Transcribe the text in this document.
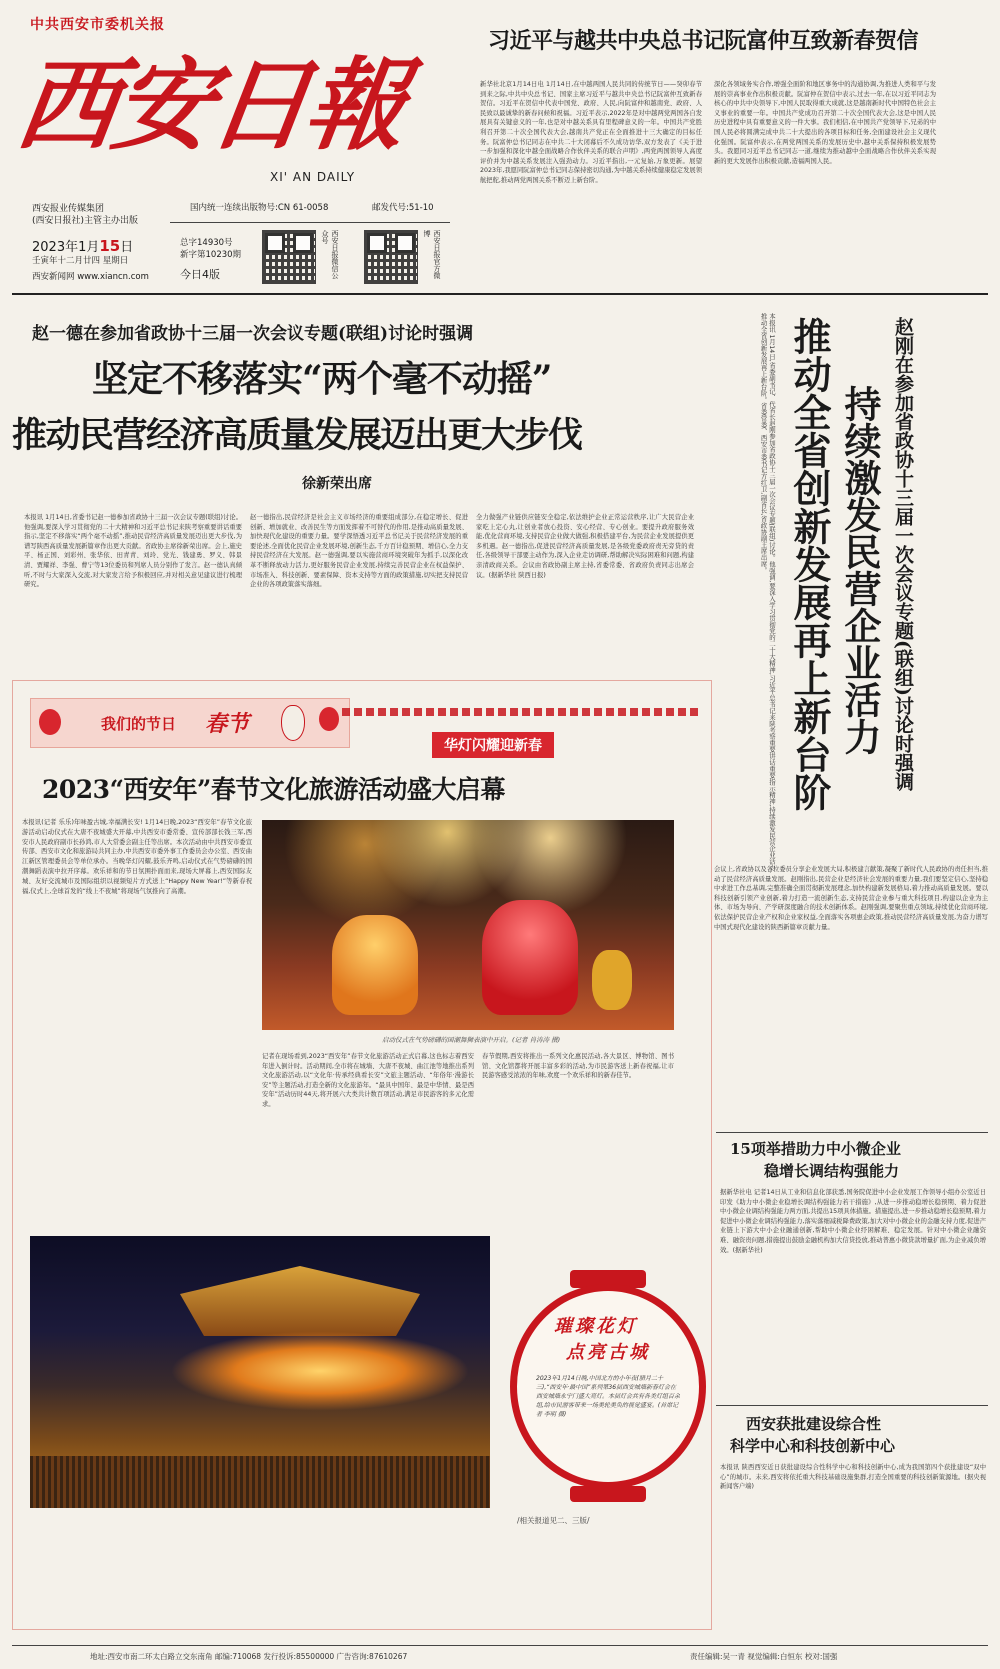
中共西安市委机关报
西安日報
XI' AN DAILY
西安报业传媒集团
(西安日报社)主管主办出版
2023年1月15日
壬寅年十二月廿四 星期日
西安新闻网 www.xiancn.com
国内统一连续出版物号:CN 61-0058	邮发代号:51-10
总字14930号
新字第10230期
今日4版	西安日报微信公众号	西安日报官方微博
习近平与越共中央总书记阮富仲互致新春贺信
新华社北京1月14日电 1月14日,在中越两国人民共同的传统节日——癸卯春节到来之际,中共中央总书记、国家主席习近平与越共中央总书记阮富仲互致新春贺信。习近平在贺信中代表中国党、政府、人民,向阮富仲和越南党、政府、人民致以最诚挚的新春问候和祝福。习近平表示,2022年是对中越两党两国各自发展具有关键意义的一年,也是对中越关系具有里程碑意义的一年。中国共产党胜利召开第二十次全国代表大会,越南共产党正在全面推进十三大确定的目标任务。阮富仲总书记同志在中共二十大闭幕后不久成功访华,双方发表了《关于进一步加强和深化中越全面战略合作伙伴关系的联合声明》,两党两国领导人高度评价并为中越关系发展注入强劲动力。习近平指出,一元复始,万象更新。展望2023年,我愿同阮富仲总书记同志保持密切沟通,为中越关系持续健康稳定发展领航把舵,推动两党两国关系不断迈上新台阶。
深化各领域务实合作,增强全面阶和地区事务中的沟通协调,为推进人类和平与发展的崇高事业作出积极贡献。阮富仲在贺信中表示,过去一年,在以习近平同志为核心的中共中央领导下,中国人民取得重大成就,这是越南新时代中国特色社会主义事业的重要一年。中国共产党成功召开第二十次全国代表大会,这是中国人民历史进程中具有重要意义的一件大事。我们相信,在中国共产党领导下,兄弟的中国人民必将圆满完成中共二十大提出的各项目标和任务,全面建设社会主义现代化强国。阮富仲表示,在两党两国关系的发展历史中,越中关系保持积极发展势头。我愿同习近平总书记同志一道,继续为推动越中全面战略合作伙伴关系实现新的更大发展作出积极贡献,造福两国人民。
赵一德在参加省政协十三届一次会议专题(联组)讨论时强调
坚定不移落实“两个毫不动摇”
推动民营经济高质量发展迈出更大步伐
徐新荣出席
本报讯 1月14日,省委书记赵一德参加省政协十三届一次会议专题(联组)讨论。他强调,要深入学习贯彻党的二十大精神和习近平总书记来陕考察重要讲话重要指示,坚定不移落实“两个毫不动摇”,推动民营经济高质量发展迈出更大步伐,为谱写陕西高质量发展新篇章作出更大贡献。省政协主席徐新荣出席。会上,施史平、杨正国、刘彩州、张华依、田青青、刘玲、党光、钱建勇、罗义、韩景清、贾耀祥、李强、曹宁等13位委员和列席人员分别作了发言。赵一德认真倾听,不时与大家深入交流,对大家发言给予积极回应,并对相关意见建议进行梳理研究。
赵一德指出,民营经济是社会主义市场经济的重要组成部分,在稳定增长、促进创新、增加就业、改善民生等方面发挥着不可替代的作用,是推动高质量发展、加快现代化建设的重要力量。要学深悟透习近平总书记关于民营经济发展的重要论述,全面优化民营企业发展环境,创新生态,千方百计稳预期、增信心,全力支持民营经济在大发展。赵一德强调,要以实施营商环境突破年为抓手,以深化改革不断释放动力活力,更好服务民营企业发展,持续完善民营企业在权益保护、市场准入、科技创新、要素保障、资本支持等方面的政策措施,切实把支持民营企业的各项政策落实落细。
全力做强产业链供应链安全稳定,依法维护企业正常运营秩序,让广大民营企业家吃上定心丸,让创业者放心投资、安心经营、专心创业。要提升政府服务效能,优化营商环境,支持民营企业做大做强,积极搭建平台,为民营企业发展提供更多机遇。赵一德指出,促进民营经济高质量发展,是各级党委政府责无旁贷的责任,各级领导干部要主动作为,深入企业走访调研,帮助解决实际困难和问题,构建亲清政商关系。会议由省政协副主席主持,省委常委、省政府负责同志出席会议。(据新华社 陕西日报)	本报讯 1月14日,省委副书记、代省长赵刚参加省政协十三届一次会议专题(联组)讨论。他强调,要深入学习贯彻党的二十大精神,习近平总书记来陕考察重要讲话重要指示精神,持续激发民营企业活力,推动全省创新发展再上新台阶。省委常委、西安市委书记方红卫,副省长,省政协副主席出席。 推动全省创新发展再上新台阶 持续激发民营企业活力 赵刚在参加省政协十三届一次会议专题(联组)讨论时强调
会议上,省政协以及各位委员分享企业发展大局,积极建言献策,凝聚了新时代人民政协的责任担当,推动了民营经济高质量发展。赵刚指出,民营企业是经济社会发展的重要力量,我们要坚定信心,坚持稳中求进工作总基调,完整准确全面贯彻新发展理念,加快构建新发展格局,着力推动高质量发展。要以科技创新引领产业创新,着力打造一流创新生态,支持民营企业参与重大科技项目,构建以企业为主体、市场为导向、产学研深度融合的技术创新体系。赵刚强调,要聚焦重点领域,持续优化营商环境,依法保护民营企业产权和企业家权益,全面落实各项惠企政策,推动民营经济高质量发展,为奋力谱写中国式现代化建设的陕西新篇章贡献力量。
我们的节日 春节
华灯闪耀迎新春
2023“西安年”春节文化旅游活动盛大启幕
本报讯(记者 乐乐)年味盈古城,幸福满长安! 1月14日晚,2023“西安年”春节文化旅游活动启动仪式在大唐不夜城盛大开幕,中共西安市委常委、宣传部部长钱三军,西安市人民政府副市长孙鸿,市人大常委会副主任等出席。本次活动由中共西安市委宣传部、西安市文化和旅游局共同主办,中共西安市委外事工作委员会办公室、西安曲江新区管理委员会等单位承办。当晚华灯闪耀,鼓乐齐鸣,启动仪式在气势磅礴的国潮舞蹈表演中拉开序幕。欢乐祥和的节日氛围扑面而来,现场大屏幕上,西安国际友城、友好交流城市及国际组织以视频短片方式送上“Happy New Year!”等新春祝福,仪式上,全球首发的“线上不夜城”将现场气氛推向了高潮。
启动仪式在气势磅礴的国潮舞狮表演中开启。(记者 肖涛涛 摄)
记者在现场看到,2023“西安年”春节文化旅游活动正式启幕,这也标志着西安年进入倒计时。活动期间,全市将在城墙、大唐不夜城、曲江池等地推出系列文化旅游活动,以“文化年·传承经典看长安”文旅主题活动、“年俗年·漫游长安”等主题活动,打造全新的文化旅游年。“最具中国年、最是中华情、最是西安年”活动历时44天,将开展六大类共计数百项活动,满足市民游客的多元化需求。
春节假期,西安将推出一系列文化惠民活动,各大景区、博物馆、图书馆、文化馆都将开展丰富多彩的活动,为市民游客送上新春祝福,让市民游客感受浓浓的年味,欢度一个欢乐祥和的新春佳节。
璀璨花灯
点亮古城
2023年1月14日晚,中国北方的小年夜(腊月二十三),“西安年·最中国”系列第36届西安城墙新春灯会在西安城墙永宁门盛大亮灯。本届灯会共有各类灯组百余组,给市民游客带来一场美轮美奂的视觉盛宴。(首席记者 李明 摄)
/相关报道见二、三版/
15项举措助力中小微企业
稳增长调结构强能力
据新华社电 记者14日从工业和信息化部获悉,国务院促进中小企业发展工作领导小组办公室近日印发《助力中小微企业稳增长调结构强能力若干措施》,从进一步推动稳增长稳预期、着力促进中小微企业调结构强能力两方面,共提出15项具体措施。措施提出,进一步推动稳增长稳预期,着力促进中小微企业调结构强能力,落实落细减税降费政策,加大对中小微企业的金融支持力度,促进产业链上下游大中小企业融通创新,帮助中小微企业纾困解难、稳定发展。针对中小微企业融资难、融资贵问题,措施提出鼓励金融机构加大信贷投放,推动普惠小微贷款增量扩面,为企业减负增效。(据新华社)
西安获批建设综合性
科学中心和科技创新中心
本报讯 陕西西安近日获批建设综合性科学中心和科技创新中心,成为我国第四个获批建设“双中心”的城市。未来,西安将依托重大科技基础设施集群,打造全国重要的科技创新策源地。(据央视新闻客户端)
地址:西安市南二环太白路立交东南角 邮编:710068 发行投诉:85500000 广告咨询:87610267	责任编辑:吴一青 视觉编辑:白恒东 校对:国强
